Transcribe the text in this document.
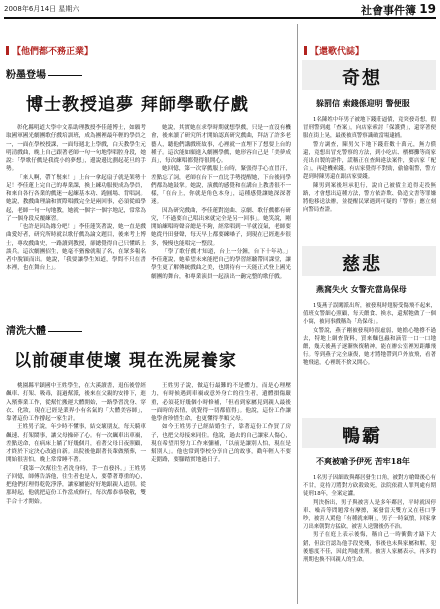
2008年6月14日 星期六	社會事件簿 19
【他們都不務正業】
粉墨登場
博士教授追夢 拜師學歌仔戲

彰化縣明道大學中文系助理教授李佳蓮博士，如願考取國軍國光劇團歌仔戲培訓班，成為團裡最年輕的學員之一，一面在學校授課，一面每週北上學戲，白天教學生元明清戲曲，晚上自己跟著老師一句一句地學唱腔身段，她說：「學歌仔戲是我從小的夢想」，邊說邊比劃起花旦的手勢。

「來人啊，帶丫鬟來！」上台一拿起扇子就是架勢十足！李佳蓮上完自己的專業課，換上練功服便成為學員，和來自各行各業的戲迷一起練基本功、跑圓場、背唱詞。她說，教戲曲理論和實際唱戲完全是兩回事，必須從頭學起，老師一句一句地教，她就一個字一個字地記，常常為了一個身段反覆練習。

「也許是因為緣分吧！」李佳蓮笑著說，她一直是戲曲愛好者，研究所時就以歌仔戲為論文題目，後來考上博士，專攻戲曲史，一路讀到教授，卻總覺得自己只懂紙上談兵。這次劇團招生，她毫不猶豫就報了名，在眾多報名者中脫穎而出。她說，「我要讓學生知道，學問不只在書本裡，也在舞台上」。

她說，其實她在求學時期就想學戲，只是一直沒有機會，後來讀了研究所才開始認真研究戲曲，拜訪了許多老藝人，聽他們講戲班故事，心裡就一直埋下了想要上台的種子。這次能如願進入劇團學戲，她形容自己是「美夢成真」，每次練唱都覺得很開心。

她回憶，第一次穿戲服上台時，緊張得手心直冒汗，差點忘了詞，老師在台下一直比手勢提醒她，下台後同學們都為她鼓掌。她說，演戲的感覺和在講台上教書很不一樣，「在台上，你就是角色本身」，這種感覺讓她深深著迷。

因為研究戲曲，李佳蓮對崑曲、京劇、歌仔戲都有研究，「不過要自己唱出來就完全是另一回事」。她笑說，剛開始練唱時聲音總是不夠，經常唱到一半就沒氣，老師要她從丹田發聲，每天早上都要練嗓子，到現在已經進步很多，慢慢也能唱完一整段。

「學了歌仔戲才知道，台上一分鐘，台下十年功。」李佳蓮說，她希望未來能把自己的學習經驗帶回課堂，讓學生更了解傳統戲曲之美，也期待有一天能正式登上國光劇團的舞台，和專業演員一起演出一齣完整的歌仔戲。

清洗大體
以前硬車使壞 現在洗屍養家

桃園縣平鎮國中王姓學生，在大溪讀書，退伍後曾經飆車、打架、吸毒，混過幫派，後來在父親的安排下，進入殯葬業工作，從幫忙搬運大體開始，一路學習洗身、穿衣、化妝，現在已經是業界小有名氣的「大體美容師」，靠著這份工作撐起一家生計。

王姓男子說，年少時不懂事，結交壞朋友，每天騎車飆速、打架鬧事，讓父母操碎了心。有一次飆車出車禍，差點送命，在病床上躺了好幾個月，看著父母日夜照顧，才終於下定決心改過自新。出院後他跟著長輩做殯葬，一開始很害怕，晚上常常睡不著。

「我第一次幫往生者洗身時，手一直發抖。」王姓男子回憶，師傅告訴他，往生者也是人，要帶著尊重的心，把他們打理得乾乾淨淨，讓家屬能好好地跟親人道別。從那時起，他就把這份工作當成修行，每次都恭恭敬敬，雙手合十才開始。

王姓男子說，做這行最難的不是體力，而是心理壓力，有時候遇到車禍或意外身亡的往生者，遺體損傷嚴重，必須花好幾個小時修補，「但看到家屬見到親人最後一面時的表情，就覺得一切都值得」。他說，這份工作讓他學會珍惜生命，也更懂得孝順父母。

如今王姓男子已經結婚生子，靠著這份工作買了房子，也把父母接來同住。他說，過去的自己讓家人傷心，現在希望用努力工作來彌補，「以前是讓別人怕，現在是幫別人」。他也常到學校分享自己的故事，勸年輕人不要走錯路，要腳踏實地過日子。

【還歌代誌】
奇想
躲罰信 索錢係迎明 警便服

1名陳姓中年男子被地下錢莊逼債，竟突發奇想，假冒刑警到處「查案」，向店家索討「保護費」，還穿著便服在街上晃，最後被真警察識破當場逮捕。

警方調查，陳男欠下地下錢莊數十萬元，無力償還，竟想出冒充警察的方法，到小吃店、檳榔攤等商家亮出自製的證件，謊稱正在查緝違法案件，要店家「配合」，再趁機索錢。有店家覺得不對勁，偷偷報警，警方趕到時陳男還在跟店家要錢。

陳男到案後坦承犯行，說自己被債主追得走投無路，才會想出這種方法，警方依詐欺、偽造文書等罪嫌將他移送法辦，並提醒民眾遇到可疑的「警察」應立刻向警局查證。

慈悲
燕窩失火 女警充當鳥保母

1隻燕子誤闖派出所，被發現時翅膀受傷飛不起來，值班女警細心照顧，每天餵食、換水，還幫牠做了一個小窩，被同事戲稱為「鳥保母」。

女警說，燕子剛被發現時很虛弱，她擔心牠撐不過去，特地上網查資料，買來麵包蟲和滴管一口一口地餵，幾天後燕子逐漸恢復精神，能在辦公室裡短距離飛行。等到燕子完全康復，她才將牠帶到戶外放飛，看著牠飛遠，心裡既不捨又開心。

鴨霸
不爽被嗆予伊死 苦牢18年

1名男子因細故與鄰居發生口角，被對方嗆聲後心有不甘，竟持刀將對方砍殺致死，法院依殺人罪判處有期徒刑18年，全案定讞。

判決指出，男子與被害人是多年鄰居，平時就因停車、噪音等問題常有摩擦，案發當天雙方又在巷口爭吵，被害人罵他「有種就來啊」，男子一時氣憤，回家拿刀出來朝對方猛砍，被害人送醫後仍不治。

男子在庭上表示後悔，稱自己一時衝動才鑄下大錯，但法官認為他手段兇殘，事後也未與家屬和解，犯後態度不佳，因此判處重刑。被害人家屬表示，再多的刑期也換不回親人的生命。
